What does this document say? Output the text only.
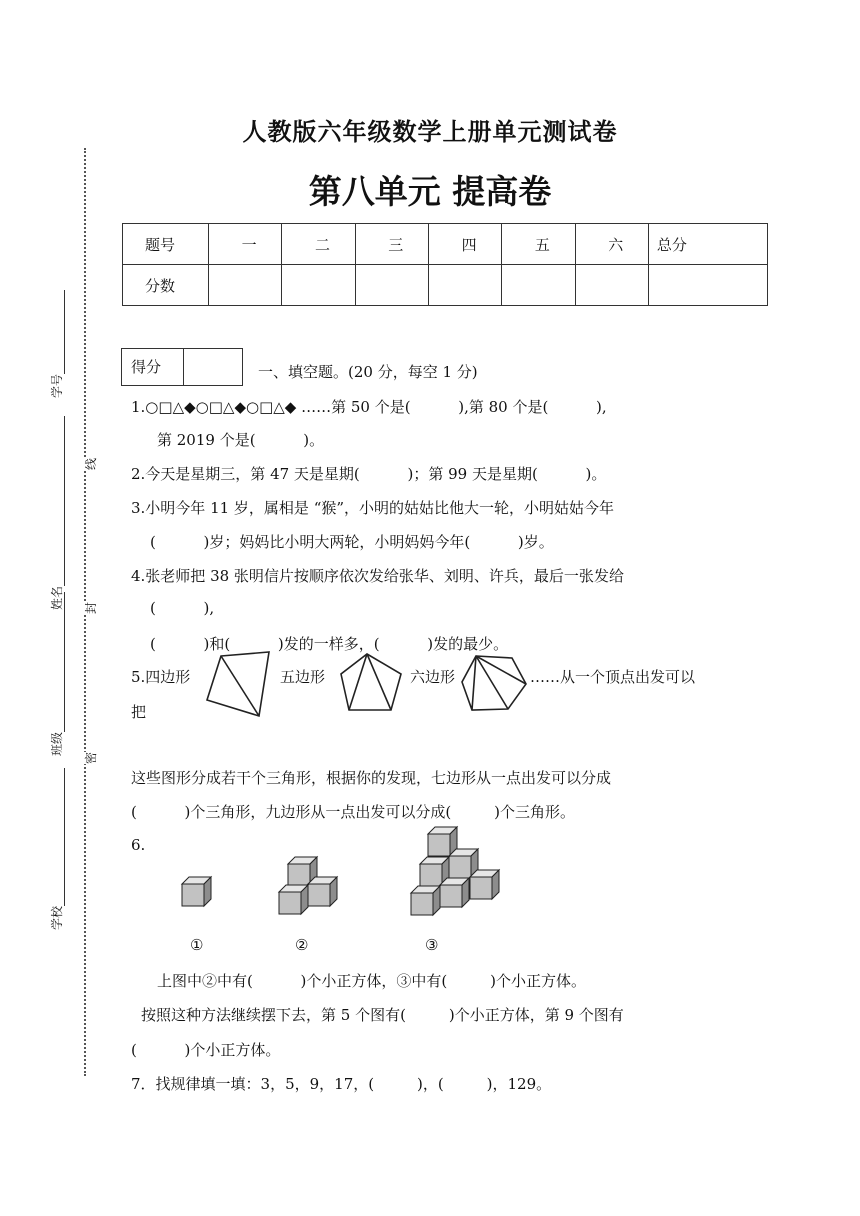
学号
姓名
班级
学校
线
封
密
人教版六年级数学上册单元测试卷
第八单元 提高卷
题号	一	二	三	四	五	六	总分
分数							
得分	一、填空题。(20 分，每空 1 分)
1.○□△◆○□△◆○□△◆ ……第 50 个是(          ),第 80 个是(          ),
第 2019 个是(          )。
2.今天是星期三，第 47 天是星期(          )；第 99 天是星期(          )。
3.小明今年 11 岁，属相是 “猴”，小明的姑姑比他大一轮，小明姑姑今年
(          )岁；妈妈比小明大两轮，小明妈妈今年(          )岁。
4.张老师把 38 张明信片按顺序依次发给张华、刘明、许兵，最后一张发给
(          ),
(          )和(          )发的一样多，(          )发的最少。
5.四边形	五边形	六边形	……从一个顶点出发可以
把
这些图形分成若干个三角形，根据你的发现，七边形从一点出发可以分成
(          )个三角形，九边形从一点出发可以分成(         )个三角形。
6.
①	②	③
上图中②中有(          )个小正方体，③中有(         )个小正方体。
按照这种方法继续摆下去，第 5 个图有(         )个小正方体，第 9 个图有
(          )个小正方体。
7．找规律填一填：3，5，9，17，(         )，(         )，129。
